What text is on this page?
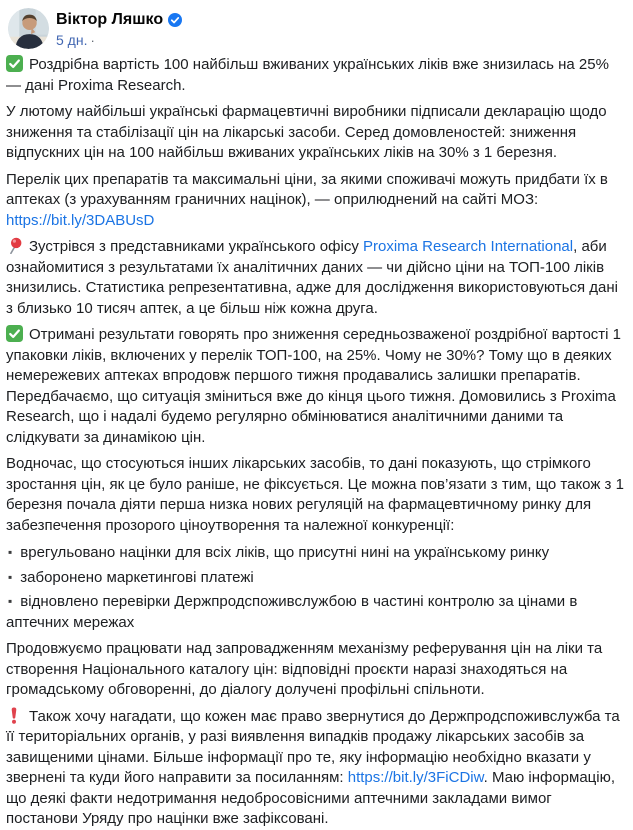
Віктор Ляшко
5 дн. ·

Роздрібна вартість 100 найбільш вживаних українських ліків вже знизилась на 25% — дані Proxima Research.

У лютому найбільші українські фармацевтичні виробники підписали декларацію щодо зниження та стабілізації цін на лікарські засоби. Серед домовленостей: зниження відпускних цін на 100 найбільш вживаних українських ліків на 30% з 1 березня.

Перелік цих препаратів та максимальні ціни, за якими споживачі можуть придбати їх в аптеках (з урахуванням граничних націнок), — оприлюднений на сайті МОЗ: https://bit.ly/3DABUsD

Зустрівся з представниками українського офісу Proxima Research International, аби ознайомитися з результатами їх аналітичних даних — чи дійсно ціни на ТОП-100 ліків знизились. Статистика репрезентативна, адже для дослідження використовуються дані з близько 10 тисяч аптек, а це більш ніж кожна друга.

Отримані результати говорять про зниження середньозваженої роздрібної вартості 1 упаковки ліків, включених у перелік ТОП-100, на 25%. Чому не 30%? Тому що в деяких немережевих аптеках впродовж першого тижня продавались залишки препаратів. Передбачаємо, що ситуація зміниться вже до кінця цього тижня. Домовились з Proxima Research, що і надалі будемо регулярно обмінюватися аналітичними даними та слідкувати за динамікою цін.

Водночас, що стосуються інших лікарських засобів, то дані показують, що стрімкого зростання цін, як це було раніше, не фіксується. Це можна пов’язати з тим, що також з 1 березня почала діяти перша низка нових регуляцій на фармацевтичному ринку для забезпечення прозорого ціноутворення та належної конкуренції:

▪ врегульовано націнки для всіх ліків, що присутні нині на українському ринку
▪ заборонено маркетингові платежі
▪ відновлено перевірки Держпродспоживслужбою в частині контролю за цінами в аптечних мережах

Продовжуємо працювати над запровадженням механізму реферування цін на ліки та створення Національного каталогу цін: відповідні проєкти наразі знаходяться на громадському обговоренні, до діалогу долучені профільні спільноти.

Також хочу нагадати, що кожен має право звернутися до Держпродспоживслужба та її територіальних органів, у разі виявлення випадків продажу лікарських засобів за завищеними цінами. Більше інформації про те, яку інформацію необхідно вказати у звернені та куди його направити за посиланням: https://bit.ly/3FiCDiw. Маю інформацію, що деякі факти недотримання недобросовісними аптечними закладами вимог постанови Уряду про націнки вже зафіксовані.
